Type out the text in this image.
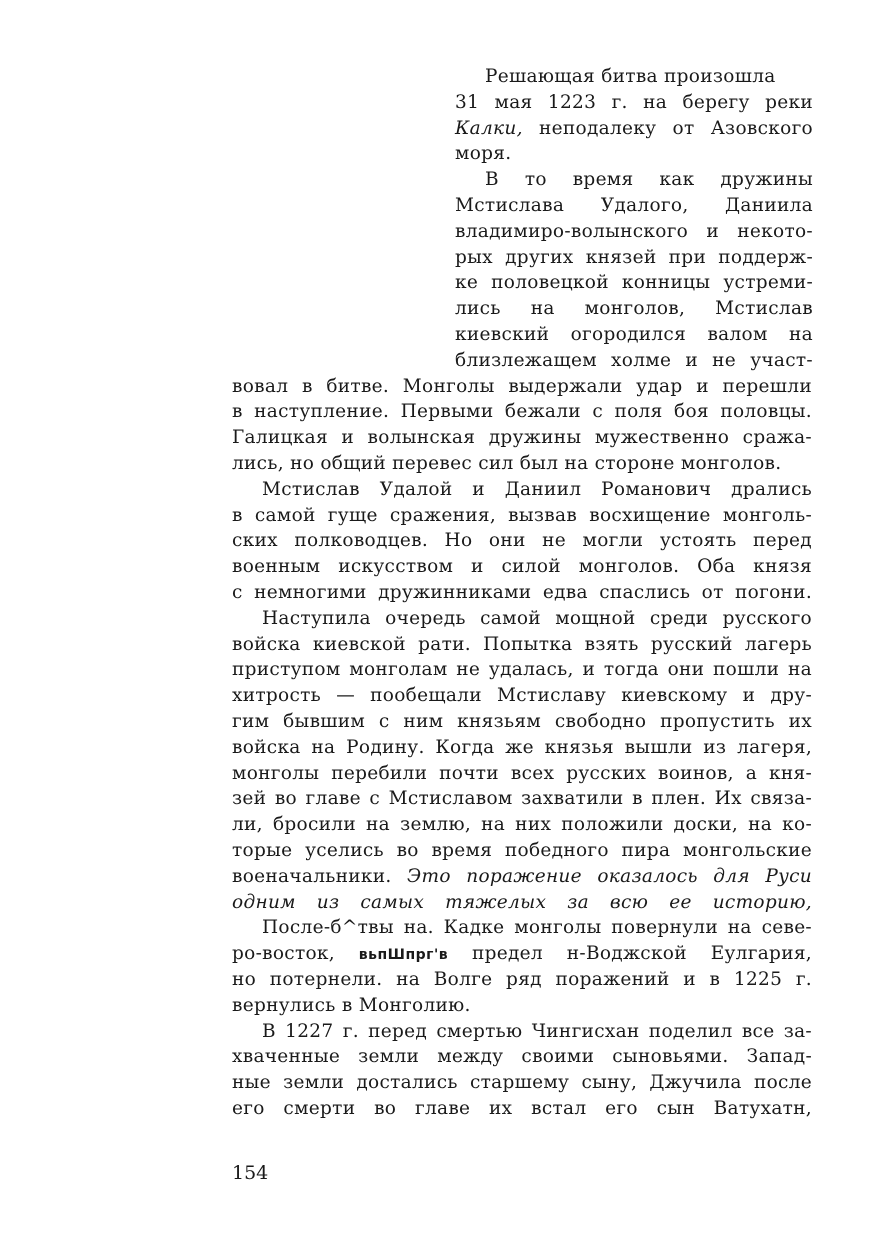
154
Решающая битва произошла
31 мая 1223 г. на берегу реки
Калки, неподалеку от Азовского
моря.
В то время как дружины
Мстислава Удалого, Даниила
владимиро-волынского и некото-
рых других князей при поддерж-
ке половецкой конницы устреми-
лись на монголов, Мстислав
киевский огородился валом на
близлежащем холме и не участ-
вовал в битве. Монголы выдержали удар и перешли
в наступление. Первыми бежали с поля боя половцы.
Галицкая и волынская дружины мужественно сража-
лись, но общий перевес сил был на стороне монголов.
Мстислав Удалой и Даниил Романович дрались
в самой гуще сражения, вызвав восхищение монголь-
ских полководцев. Но они не могли устоять перед
военным искусством и силой монголов. Оба князя
с немногими дружинниками едва спаслись от погони.
Наступила очередь самой мощной среди русского
войска киевской рати. Попытка взять русский лагерь
приступом монголам не удалась, и тогда они пошли на
хитрость — пообещали Мстиславу киевскому и дру-
гим бывшим с ним князьям свободно пропустить их
войска на Родину. Когда же князья вышли из лагеря,
монголы перебили почти всех русских воинов, а кня-
зей во главе с Мстиславом захватили в плен. Их связа-
ли, бросили на землю, на них положили доски, на ко-
торые уселись во время победного пира монгольские
военачальники. Это поражение оказалось для Руси
одним из самых тяжелых за всю ее историю,
После-б^твы на. Кадке монголы повернули на севе-
ро-восток, вьпШпрг'в предел н-Воджской Еулгария,
но потернели. на Волге ряд поражений и в 1225 г.
вернулись в Монголию.
В 1227 г. перед смертью Чингисхан поделил все за-
хваченные земли между своими сыновьями. Запад-
ные земли достались старшему сыну, Джучила после
его смерти во главе их встал его сын Ватухатн,
